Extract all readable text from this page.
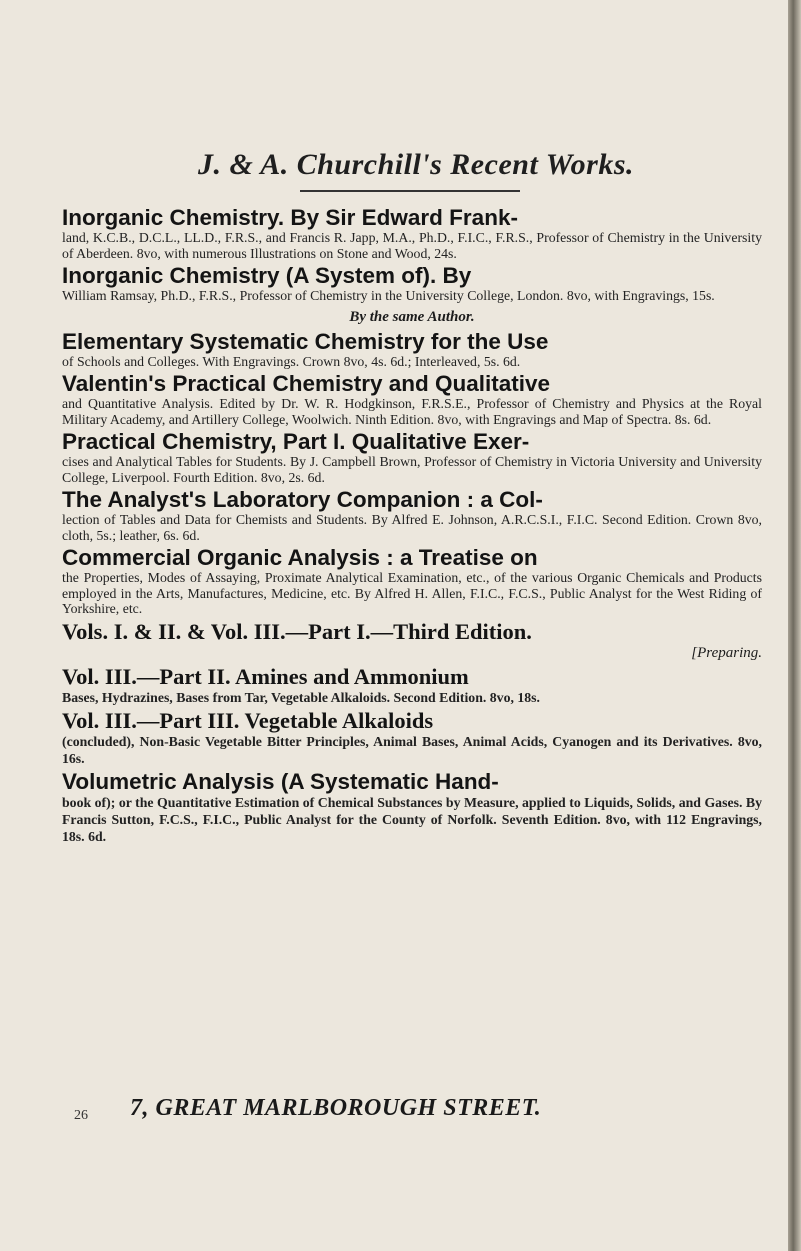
J. & A. Churchill's Recent Works.

Inorganic Chemistry. By Sir Edward Frank-

land, K.C.B., D.C.L., LL.D., F.R.S., and Francis R. Japp, M.A., Ph.D., F.I.C., F.R.S., Professor of Chemistry in the University of Aberdeen. 8vo, with numerous Illustrations on Stone and Wood, 24s.

Inorganic Chemistry (A System of). By

William Ramsay, Ph.D., F.R.S., Professor of Chemistry in the University College, London. 8vo, with Engravings, 15s.

By the same Author.

Elementary Systematic Chemistry for the Use

of Schools and Colleges. With Engravings. Crown 8vo, 4s. 6d.; Interleaved, 5s. 6d.

Valentin's Practical Chemistry and Qualitative

and Quantitative Analysis. Edited by Dr. W. R. Hodgkinson, F.R.S.E., Professor of Chemistry and Physics at the Royal Military Academy, and Artillery College, Woolwich. Ninth Edition. 8vo, with Engravings and Map of Spectra. 8s. 6d.

Practical Chemistry, Part I. Qualitative Exer-

cises and Analytical Tables for Students. By J. Campbell Brown, Professor of Chemistry in Victoria University and University College, Liverpool. Fourth Edition. 8vo, 2s. 6d.

The Analyst's Laboratory Companion : a Col-

lection of Tables and Data for Chemists and Students. By Alfred E. Johnson, A.R.C.S.I., F.I.C. Second Edition. Crown 8vo, cloth, 5s.; leather, 6s. 6d.

Commercial Organic Analysis : a Treatise on

the Properties, Modes of Assaying, Proximate Analytical Examination, etc., of the various Organic Chemicals and Products employed in the Arts, Manufactures, Medicine, etc. By Alfred H. Allen, F.I.C., F.C.S., Public Analyst for the West Riding of Yorkshire, etc.

Vols. I. & II. & Vol. III.—Part I.—Third Edition.

[Preparing.

Vol. III.—Part II. Amines and Ammonium

Bases, Hydrazines, Bases from Tar, Vegetable Alkaloids. Second Edition. 8vo, 18s.

Vol. III.—Part III. Vegetable Alkaloids

(concluded), Non-Basic Vegetable Bitter Principles, Animal Bases, Animal Acids, Cyanogen and its Derivatives. 8vo, 16s.

Volumetric Analysis (A Systematic Hand-

book of); or the Quantitative Estimation of Chemical Substances by Measure, applied to Liquids, Solids, and Gases. By Francis Sutton, F.C.S., F.I.C., Public Analyst for the County of Norfolk. Seventh Edition. 8vo, with 112 Engravings, 18s. 6d.

7, GREAT MARLBOROUGH STREET.
26
